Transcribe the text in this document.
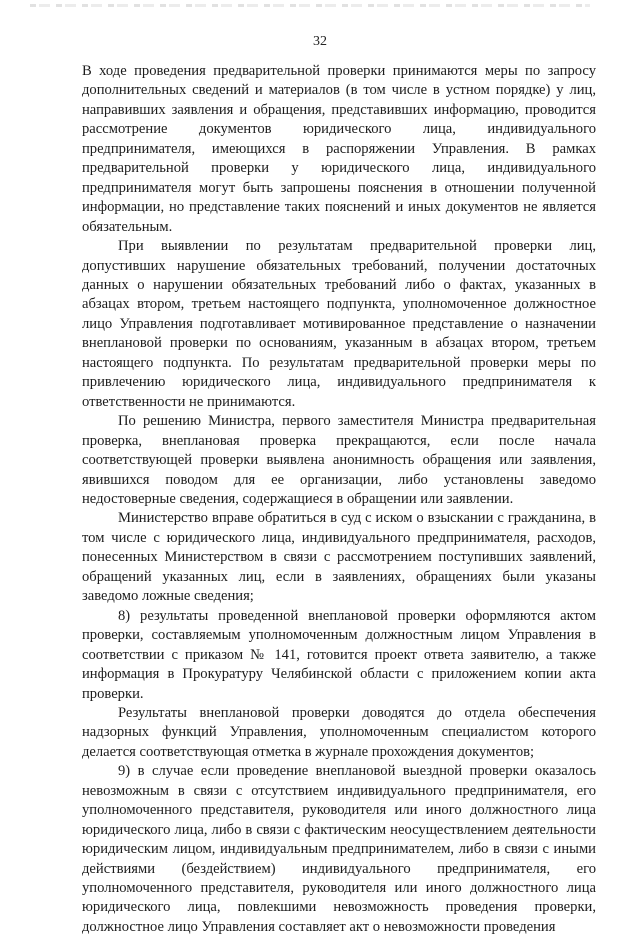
32

В ходе проведения предварительной проверки принимаются меры по запросу дополнительных сведений и материалов (в том числе в устном порядке) у лиц, направивших заявления и обращения, представивших информацию, проводится рассмотрение документов юридического лица, индивидуального предпринимателя, имеющихся в распоряжении Управления. В рамках предварительной проверки у юридического лица, индивидуального предпринимателя могут быть запрошены пояснения в отношении полученной информации, но представление таких пояснений и иных документов не является обязательным.

При выявлении по результатам предварительной проверки лиц, допустивших нарушение обязательных требований, получении достаточных данных о нарушении обязательных требований либо о фактах, указанных в абзацах втором, третьем настоящего подпункта, уполномоченное должностное лицо Управления подготавливает мотивированное представление о назначении внеплановой проверки по основаниям, указанным в абзацах втором, третьем настоящего подпункта. По результатам предварительной проверки меры по привлечению юридического лица, индивидуального предпринимателя к ответственности не принимаются.

По решению Министра, первого заместителя Министра предварительная проверка, внеплановая проверка прекращаются, если после начала соответствующей проверки выявлена анонимность обращения или заявления, явившихся поводом для ее организации, либо установлены заведомо недостоверные сведения, содержащиеся в обращении или заявлении.

Министерство вправе обратиться в суд с иском о взыскании с гражданина, в том числе с юридического лица, индивидуального предпринимателя, расходов, понесенных Министерством в связи с рассмотрением поступивших заявлений, обращений указанных лиц, если в заявлениях, обращениях были указаны заведомо ложные сведения;

8) результаты проведенной внеплановой проверки оформляются актом проверки, составляемым уполномоченным должностным лицом Управления в соответствии с приказом № 141, готовится проект ответа заявителю, а также информация в Прокуратуру Челябинской области с приложением копии акта проверки.

Результаты внеплановой проверки доводятся до отдела обеспечения надзорных функций Управления, уполномоченным специалистом которого делается соответствующая отметка в журнале прохождения документов;

9) в случае если проведение внеплановой выездной проверки оказалось невозможным в связи с отсутствием индивидуального предпринимателя, его уполномоченного представителя, руководителя или иного должностного лица юридического лица, либо в связи с фактическим неосуществлением деятельности юридическим лицом, индивидуальным предпринимателем, либо в связи с иными действиями (бездействием) индивидуального предпринимателя, его уполномоченного представителя, руководителя или иного должностного лица юридического лица, повлекшими невозможность проведения проверки, должностное лицо Управления составляет акт о невозможности проведения
